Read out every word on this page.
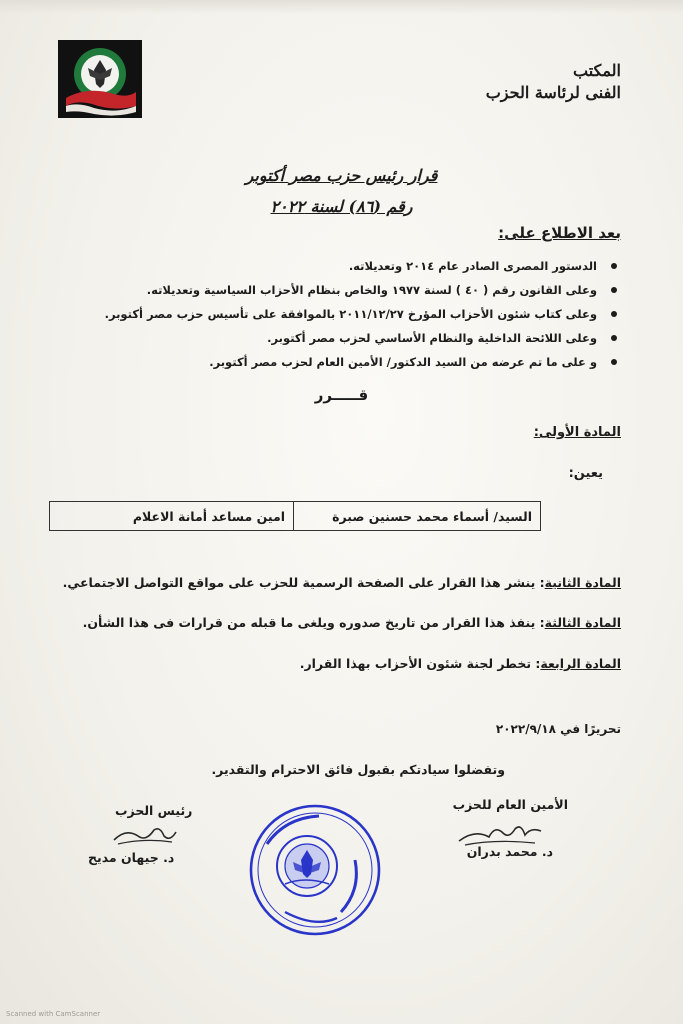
المكتب
الفنى لرئاسة الحزب
قرار رئيس حزب مصر أكتوبر
رقم (٨٦) لسنة ٢٠٢٢
بعد الاطلاع على:
الدستور المصرى الصادر عام ٢٠١٤ وتعديلاته.
وعلى القانون رقم ( ٤٠ ) لسنة ١٩٧٧ والخاص بنظام الأحزاب السياسية وتعديلاته.
وعلى كتاب شئون الأحزاب المؤرخ ٢٠١١/١٢/٢٧ بالموافقة على تأسيس حزب مصر أكتوبر.
وعلى اللائحة الداخلية والنظام الأساسي لحزب مصر أكتوبر.
و على ما تم عرضه من السيد الدكتور/ الأمين العام لحزب مصر أكتوبر.
قـــــرر
المادة الأولى:
يعين:
السيد/ أسماء محمد حسنين صبرة	امين مساعد أمانة الاعلام
المادة الثانية: ينشر هذا القرار على الصفحة الرسمية للحزب على مواقع التواصل الاجتماعي.
المادة الثالثة: ينفذ هذا القرار من تاريخ صدوره ويلغى ما قبله من قرارات فى هذا الشأن.
المادة الرابعة: تخطر لجنة شئون الأحزاب بهذا القرار.
تحريرًا في ٢٠٢٢/٩/١٨
وتفضلوا سيادتكم بقبول فائق الاحترام والتقدير.
الأمين العام للحزب
د. محمد بدران
رئيس الحزب
د. جيهان مديح
Scanned with CamScanner
